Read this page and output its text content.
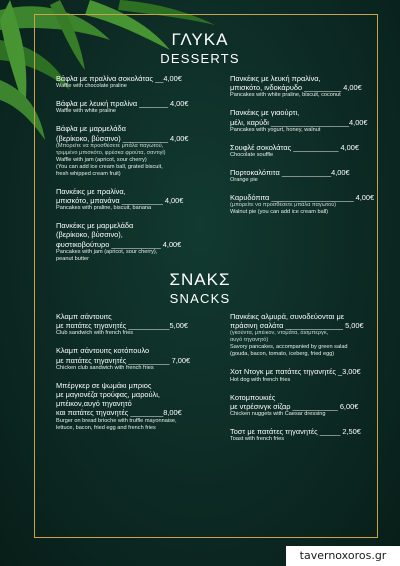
ΓΛΥΚΑ
DESSERTS
Βάφλα με πραλίνα σοκολάτας __4,00€
Waffle with chocolate praline
Βάφλα με λευκή πραλίνα _______ 4,00€
Waffle with white praline
Βάφλα με μαρμελάδα
(βερίκοκο, βύσσινο) ___________ 4,00€
(Μπορείτε να προσθέσετε μπάλα παγωτού,
τριμμένο μπισκότο, φρέσκα φρούτα, σαντιγί)
Waffle with jam (apricot, sour cherry)
(You can add ice cream ball, grated biscuit,
fresh whipped cream fruit)
Πανκέικς με πραλίνα,
μπισκότο, μπανάνα __________ 4,00€
Pancakes with praline, biscuit, banana
Πανκέικς με μαρμελάδα
(βερίκοκο, βύσσινο),
φυστικοβούτυρο ____________ 4,00€
Pancakes with jam (apricot, sour cherry),
peanut butter
Πανκέικς με λευκή πραλίνα,
μπισκότο, ινδοκάρυδο _________ 4,00€
Pancakes with white praline, biscuit, coconut
Πανκέικς με γιαούρτι,
μέλι, καρύδι ___________________4,00€
Pancakes with yogurt, honey, walnut
Σουφλέ σοκολάτας ___________ 4,00€
Chocolate souffle
Πορτοκαλόπιτα ____________4,00€
Orange pie
Καρυδόπιτα ____________________ 4,00€
(μπορείτε να προσθέσετε μπάλα παγωτού)
Walnut pie (you can add ice cream ball)
ΣΝΑΚΣ
SNACKS
Κλαμπ σάντουιτς
με πατάτες τηγανητές __________5,00€
Club sandwich with french fries
Κλαμπ σάντουιτς κοτόπουλο
με πατάτες τηγανητές __________ 7,00€
Chicken club sandwich with french fries
Μπέργκερ σε ψωμάκι μπριος
με μαγιονέζα τρούφας, μαρούλι,
μπέικον,αυγό τηγανητό
και πατάτες τηγανητές ________8,00€
Burger on bread brioche with truffle mayonnaise,
lettuce, bacon, fried egg and french fries
Πανκέικς αλμυρά, συνοδεύονται με
πράσινη σαλάτα ______________ 5,00€
(γκούντα, μπέικον, ντομάτα, άισμπεργκ,
αυγό τηγανητό)
Savory pancakes, accompanied by green salad
(gouda, bacon, tomato, iceberg, fried egg)
Χοτ Ντογκ με πατάτες τηγανητές _3,00€
Hot dog with french fries
Κοτομπουκιές
με ντρέσινγκ σίζαρ ___________ 6,00€
Chicken nuggets with Caesar dressing
Τοστ με πατάτες τηγανητές _____ 2,50€
Toast with french fries
tavernoxoros.gr
